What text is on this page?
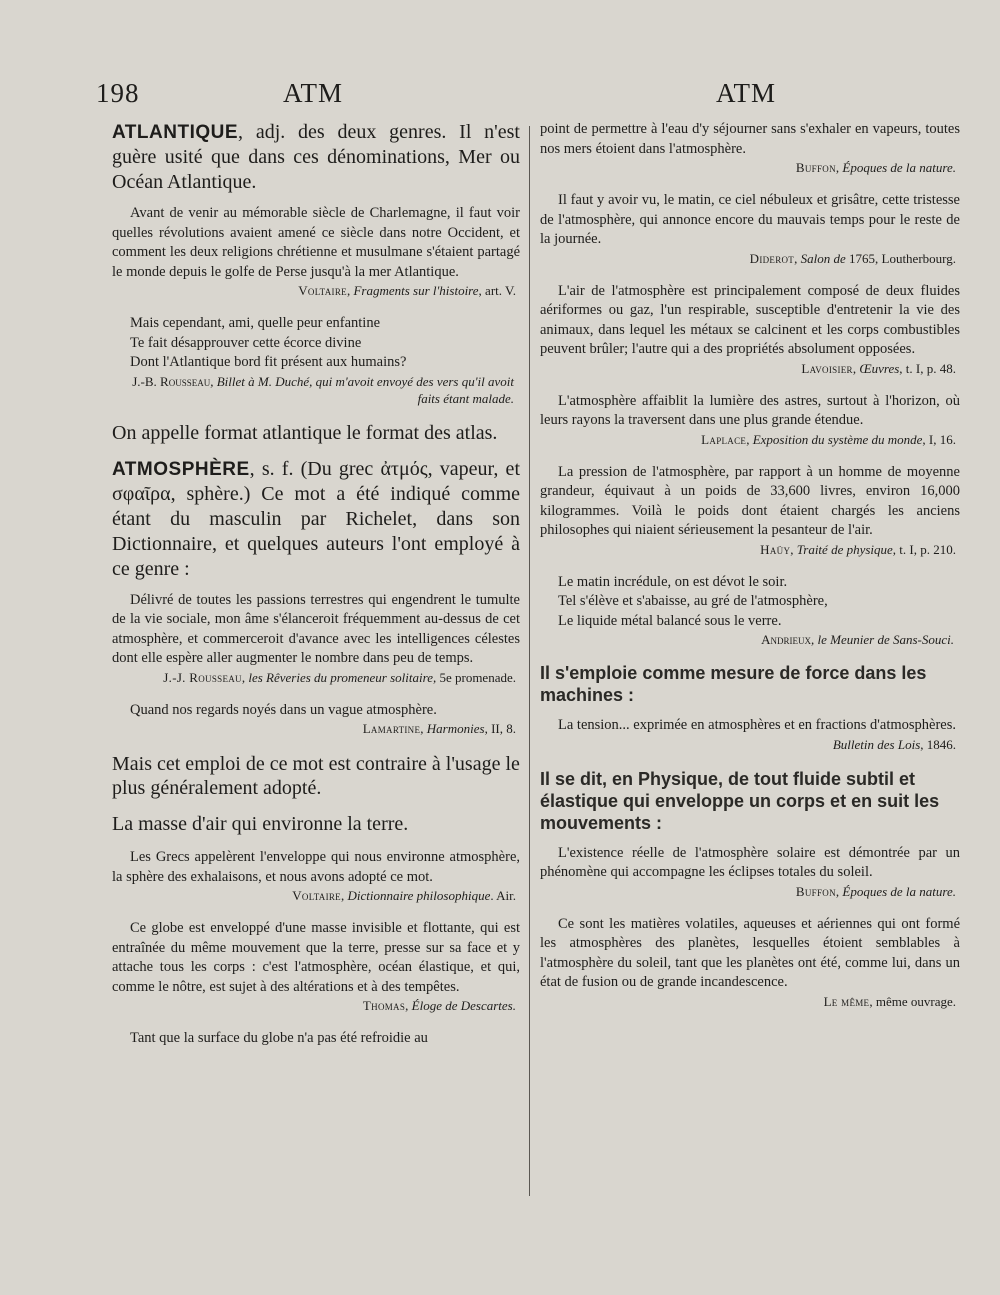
198	ATM	ATM

ATLANTIQUE, adj. des deux genres. Il n'est guère usité que dans ces dénominations, Mer ou Océan Atlantique.

Avant de venir au mémorable siècle de Charlemagne, il faut voir quelles révolutions avaient amené ce siècle dans notre Occident, et comment les deux religions chrétienne et musulmane s'étaient partagé le monde depuis le golfe de Perse jusqu'à la mer Atlantique.

Voltaire, Fragments sur l'histoire, art. V.

Mais cependant, ami, quelle peur enfantine
Te fait désapprouver cette écorce divine
Dont l'Atlantique bord fit présent aux humains?

J.-B. Rousseau, Billet à M. Duché, qui m'avoit envoyé des vers qu'il avoit faits étant malade.

On appelle format atlantique le format des atlas.

ATMOSPHÈRE, s. f. (Du grec ἀτμός, vapeur, et σφαῖρα, sphère.) Ce mot a été indiqué comme étant du masculin par Richelet, dans son Dictionnaire, et quelques auteurs l'ont employé à ce genre :

Délivré de toutes les passions terrestres qui engendrent le tumulte de la vie sociale, mon âme s'élanceroit fréquemment au-dessus de cet atmosphère, et commerceroit d'avance avec les intelligences célestes dont elle espère aller augmenter le nombre dans peu de temps.

J.-J. Rousseau, les Rêveries du promeneur solitaire, 5e promenade.

Quand nos regards noyés dans un vague atmosphère.

Lamartine, Harmonies, II, 8.

Mais cet emploi de ce mot est contraire à l'usage le plus généralement adopté.

La masse d'air qui environne la terre.

Les Grecs appelèrent l'enveloppe qui nous environne atmosphère, la sphère des exhalaisons, et nous avons adopté ce mot.

Voltaire, Dictionnaire philosophique. Air.

Ce globe est enveloppé d'une masse invisible et flottante, qui est entraînée du même mouvement que la terre, presse sur sa face et y attache tous les corps : c'est l'atmosphère, océan élastique, et qui, comme le nôtre, est sujet à des altérations et à des tempêtes.

Thomas, Éloge de Descartes.

Tant que la surface du globe n'a pas été refroidie au

point de permettre à l'eau d'y séjourner sans s'exhaler en vapeurs, toutes nos mers étoient dans l'atmosphère.

Buffon, Époques de la nature.

Il faut y avoir vu, le matin, ce ciel nébuleux et grisâtre, cette tristesse de l'atmosphère, qui annonce encore du mauvais temps pour le reste de la journée.

Diderot, Salon de 1765, Loutherbourg.

L'air de l'atmosphère est principalement composé de deux fluides aériformes ou gaz, l'un respirable, susceptible d'entretenir la vie des animaux, dans lequel les métaux se calcinent et les corps combustibles peuvent brûler; l'autre qui a des propriétés absolument opposées.

Lavoisier, Œuvres, t. I, p. 48.

L'atmosphère affaiblit la lumière des astres, surtout à l'horizon, où leurs rayons la traversent dans une plus grande étendue.

Laplace, Exposition du système du monde, I, 16.

La pression de l'atmosphère, par rapport à un homme de moyenne grandeur, équivaut à un poids de 33,600 livres, environ 16,000 kilogrammes. Voilà le poids dont étaient chargés les anciens philosophes qui niaient sérieusement la pesanteur de l'air.

Haüy, Traité de physique, t. I, p. 210.

Le matin incrédule, on est dévot le soir.
Tel s'élève et s'abaisse, au gré de l'atmosphère,
Le liquide métal balancé sous le verre.

Andrieux, le Meunier de Sans-Souci.

Il s'emploie comme mesure de force dans les machines :

La tension... exprimée en atmosphères et en fractions d'atmosphères.

Bulletin des Lois, 1846.

Il se dit, en Physique, de tout fluide subtil et élastique qui enveloppe un corps et en suit les mouvements :

L'existence réelle de l'atmosphère solaire est démontrée par un phénomène qui accompagne les éclipses totales du soleil.

Buffon, Époques de la nature.

Ce sont les matières volatiles, aqueuses et aériennes qui ont formé les atmosphères des planètes, lesquelles étoient semblables à l'atmosphère du soleil, tant que les planètes ont été, comme lui, dans un état de fusion ou de grande incandescence.

Le même, même ouvrage.
